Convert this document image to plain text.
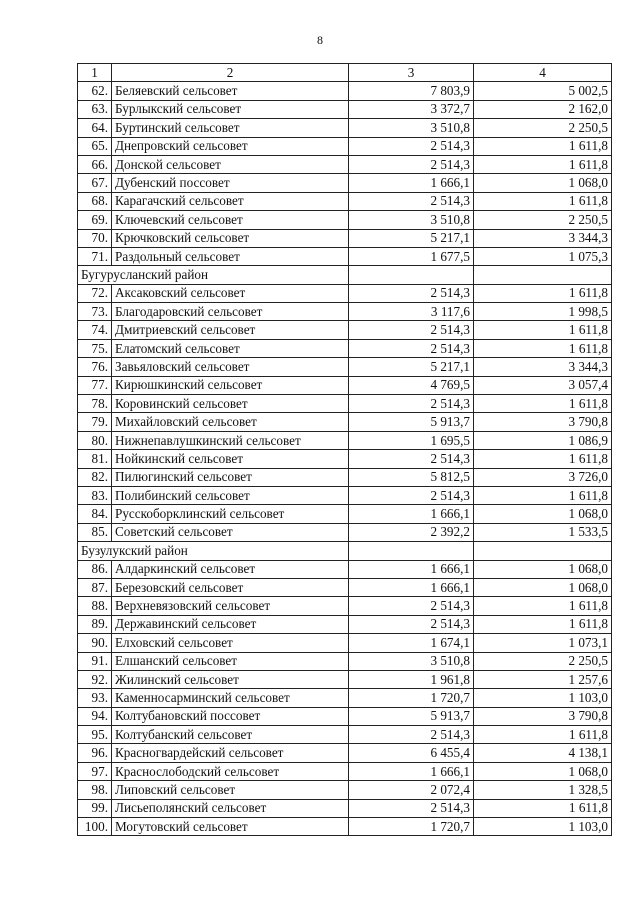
8
1	2	3	4
62.	Беляевский сельсовет	7 803,9	5 002,5
63.	Бурлыкский сельсовет	3 372,7	2 162,0
64.	Буртинский сельсовет	3 510,8	2 250,5
65.	Днепровский сельсовет	2 514,3	1 611,8
66.	Донской сельсовет	2 514,3	1 611,8
67.	Дубенский поссовет	1 666,1	1 068,0
68.	Карагачский сельсовет	2 514,3	1 611,8
69.	Ключевский сельсовет	3 510,8	2 250,5
70.	Крючковский сельсовет	5 217,1	3 344,3
71.	Раздольный сельсовет	1 677,5	1 075,3
Бугурусланский район			
72.	Аксаковский сельсовет	2 514,3	1 611,8
73.	Благодаровский сельсовет	3 117,6	1 998,5
74.	Дмитриевский сельсовет	2 514,3	1 611,8
75.	Елатомский сельсовет	2 514,3	1 611,8
76.	Завьяловский сельсовет	5 217,1	3 344,3
77.	Кирюшкинский сельсовет	4 769,5	3 057,4
78.	Коровинский сельсовет	2 514,3	1 611,8
79.	Михайловский сельсовет	5 913,7	3 790,8
80.	Нижнепавлушкинский сельсовет	1 695,5	1 086,9
81.	Нойкинский сельсовет	2 514,3	1 611,8
82.	Пилюгинский сельсовет	5 812,5	3 726,0
83.	Полибинский сельсовет	2 514,3	1 611,8
84.	Русскоборклинский сельсовет	1 666,1	1 068,0
85.	Советский сельсовет	2 392,2	1 533,5
Бузулукский район			
86.	Алдаркинский сельсовет	1 666,1	1 068,0
87.	Березовский сельсовет	1 666,1	1 068,0
88.	Верхневязовский сельсовет	2 514,3	1 611,8
89.	Державинский сельсовет	2 514,3	1 611,8
90.	Елховский сельсовет	1 674,1	1 073,1
91.	Елшанский сельсовет	3 510,8	2 250,5
92.	Жилинский сельсовет	1 961,8	1 257,6
93.	Каменносарминский сельсовет	1 720,7	1 103,0
94.	Колтубановский поссовет	5 913,7	3 790,8
95.	Колтубанский сельсовет	2 514,3	1 611,8
96.	Красногвардейский сельсовет	6 455,4	4 138,1
97.	Краснослободский сельсовет	1 666,1	1 068,0
98.	Липовский сельсовет	2 072,4	1 328,5
99.	Лисьеполянский сельсовет	2 514,3	1 611,8
100.	Могутовский сельсовет	1 720,7	1 103,0
